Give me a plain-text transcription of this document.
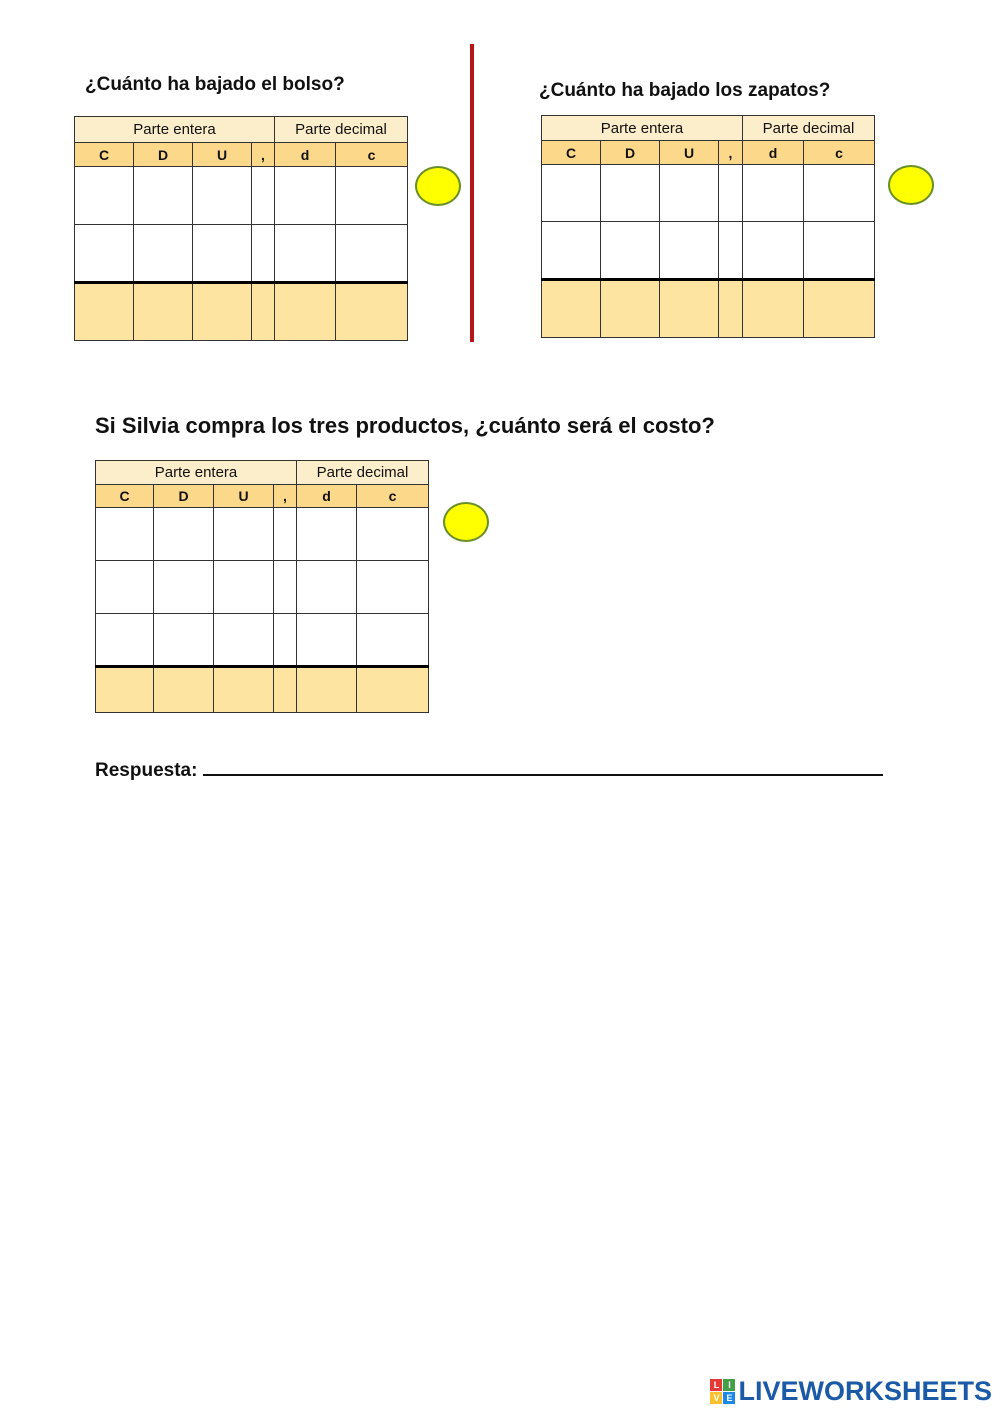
¿Cuánto ha bajado el bolso?

Parte entera				Parte decimal	
C	D	U	,	d	c

¿Cuánto ha bajado los zapatos?

Parte entera				Parte decimal	
C	D	U	,	d	c

Si Silvia compra los tres productos, ¿cuánto será el costo?

Parte entera				Parte decimal	
C	D	U	,	d	c

Respuesta:
L I
V E LIVEWORKSHEETS
